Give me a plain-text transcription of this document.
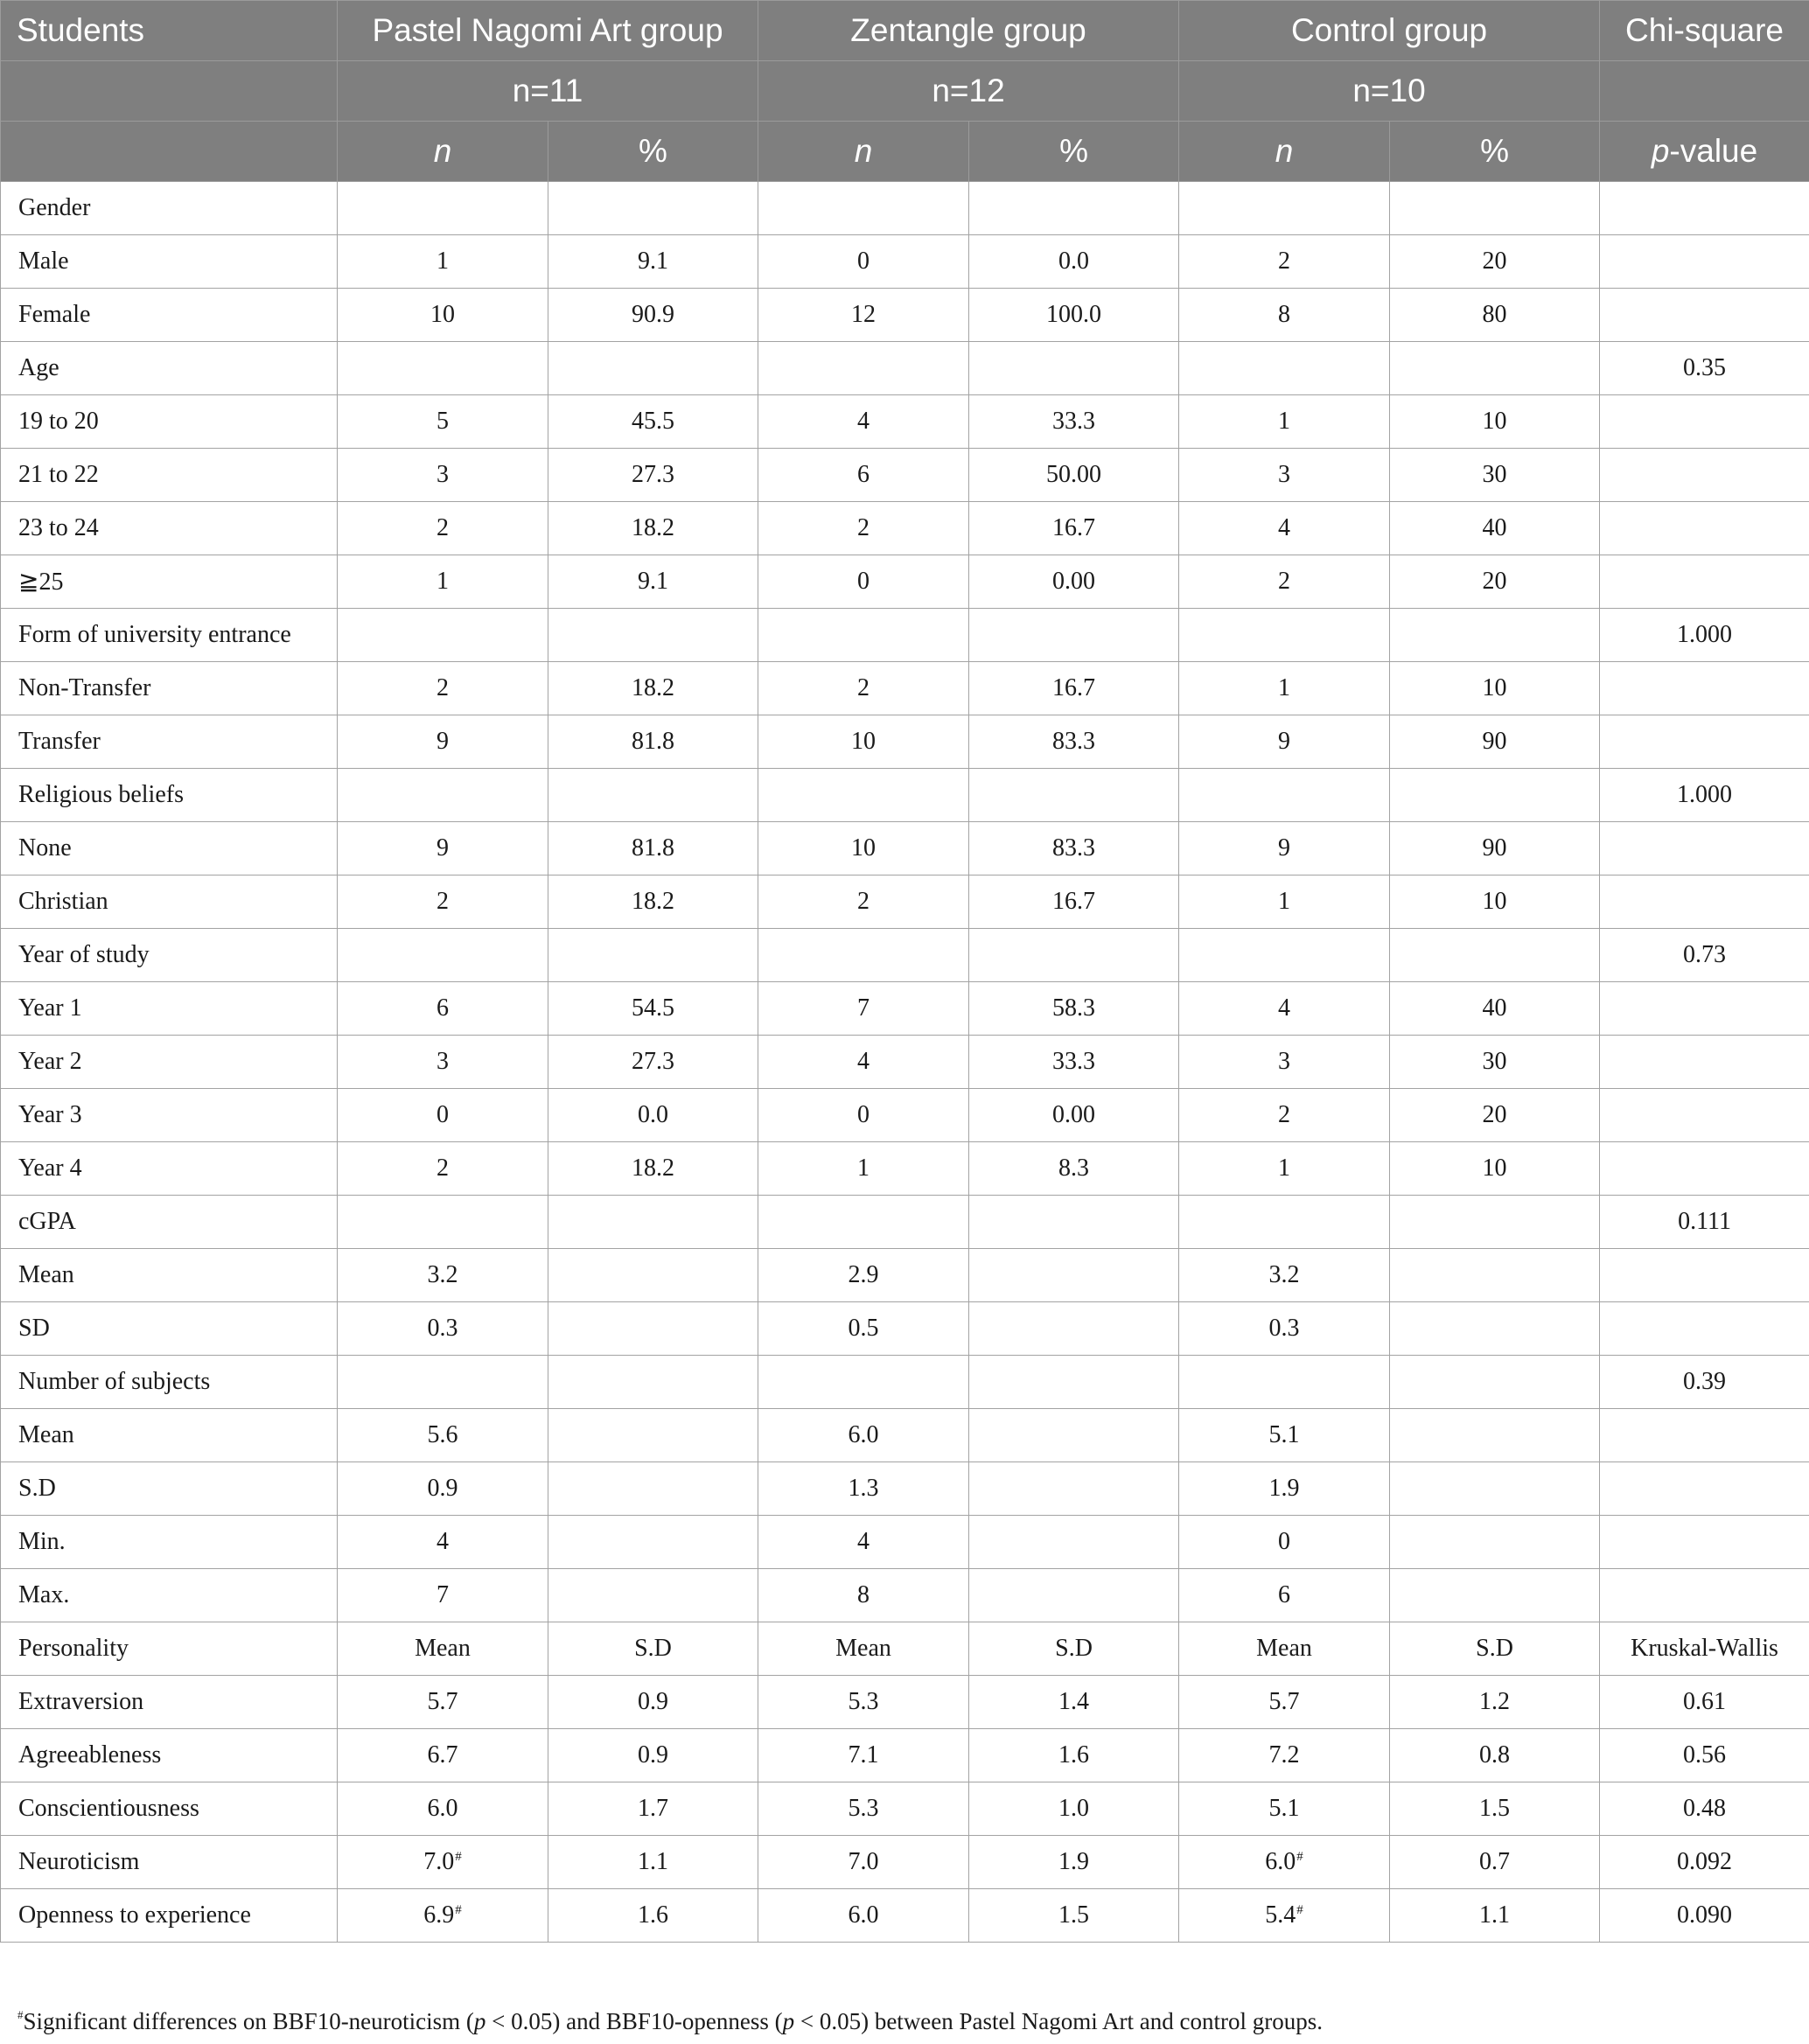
Students	Pastel Nagomi Art group		Zentangle group		Control group		Chi-square
	n=11		n=12		n=10		
	n	%	n	%	n	%	p-value
Gender							
Male	1	9.1	0	0.0	2	20	
Female	10	90.9	12	100.0	8	80	
Age							0.35
19 to 20	5	45.5	4	33.3	1	10	
21 to 22	3	27.3	6	50.00	3	30	
23 to 24	2	18.2	2	16.7	4	40	
≧25	1	9.1	0	0.00	2	20	
Form of university entrance							1.000
Non-Transfer	2	18.2	2	16.7	1	10	
Transfer	9	81.8	10	83.3	9	90	
Religious beliefs							1.000
None	9	81.8	10	83.3	9	90	
Christian	2	18.2	2	16.7	1	10	
Year of study							0.73
Year 1	6	54.5	7	58.3	4	40	
Year 2	3	27.3	4	33.3	3	30	
Year 3	0	0.0	0	0.00	2	20	
Year 4	2	18.2	1	8.3	1	10	
cGPA							0.111
Mean	3.2		2.9		3.2		
SD	0.3		0.5		0.3		
Number of subjects							0.39
Mean	5.6		6.0		5.1		
S.D	0.9		1.3		1.9		
Min.	4		4		0		
Max.	7		8		6		
Personality	Mean	S.D	Mean	S.D	Mean	S.D	Kruskal-Wallis
Extraversion	5.7	0.9	5.3	1.4	5.7	1.2	0.61
Agreeableness	6.7	0.9	7.1	1.6	7.2	0.8	0.56
Conscientiousness	6.0	1.7	5.3	1.0	5.1	1.5	0.48
Neuroticism	7.0#	1.1	7.0	1.9	6.0#	0.7	0.092
Openness to experience	6.9#	1.6	6.0	1.5	5.4#	1.1	0.090
#Significant differences on BBF10-neuroticism (p < 0.05) and BBF10-openness (p < 0.05) between Pastel Nagomi Art and control groups.
